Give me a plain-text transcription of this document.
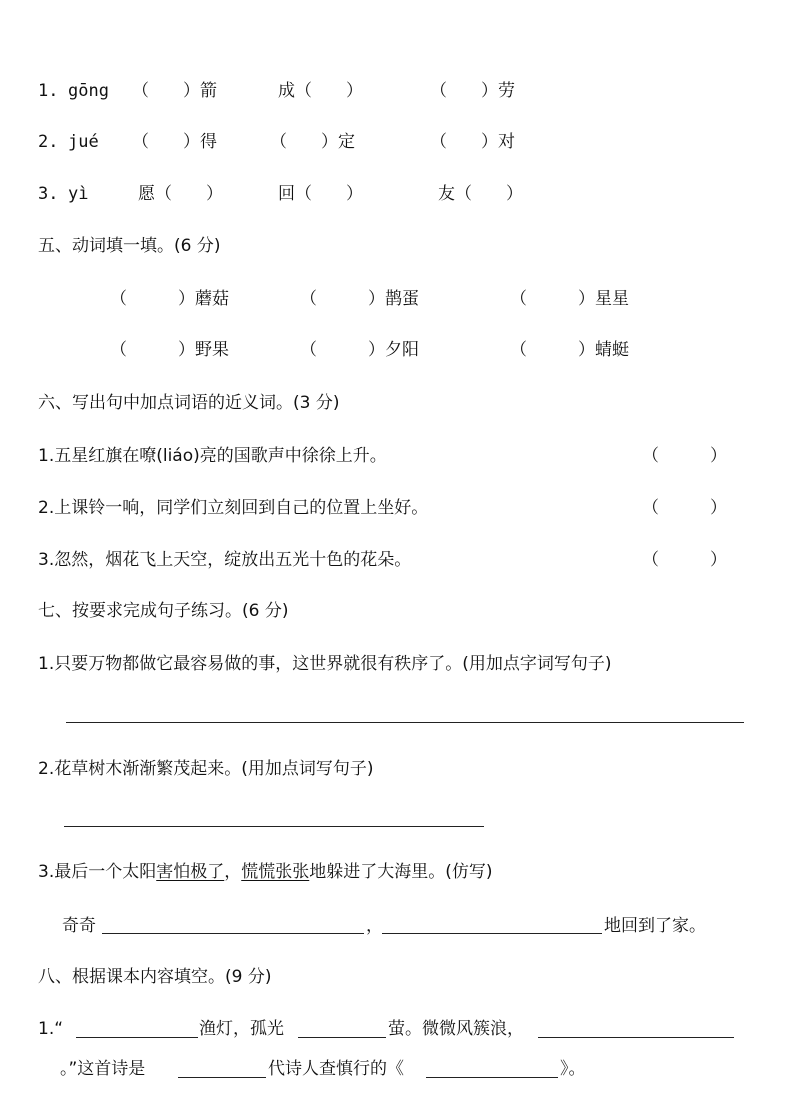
1. gōng （　　）箭	成（　　）	（　　）劳
2. jué （　　）得	（　　）定	（　　）对
3. yì	愿（　　）	回（　　）	友（　　）
五、动词填一填。(6 分)
（　　　）蘑菇	（　　　）鹊蛋	（　　　）星星
（　　　）野果	（　　　）夕阳	（　　　）蜻蜓
六、写出句中加点词语的近义词。(3 分)
1.五星红旗在嘹(liáo)亮的国歌声中徐徐上升。	（　　　）
2.上课铃一响，同学们立刻回到自己的位置上坐好。	（　　　）
3.忽然，烟花飞上天空，绽放出五光十色的花朵。	（　　　）
七、按要求完成句子练习。(6 分)
1.只要万物都做它最容易做的事，这世界就很有秩序了。(用加点字词写句子)
2.花草树木渐渐繁茂起来。(用加点词写句子)
3.最后一个太阳害怕极了，慌慌张张地躲进了大海里。(仿写)
奇奇	，	地回到了家。
八、根据课本内容填空。(9 分)
1.“	渔灯，孤光	萤。微微风簇浪，
。”这首诗是	代诗人查慎行的《	》。
